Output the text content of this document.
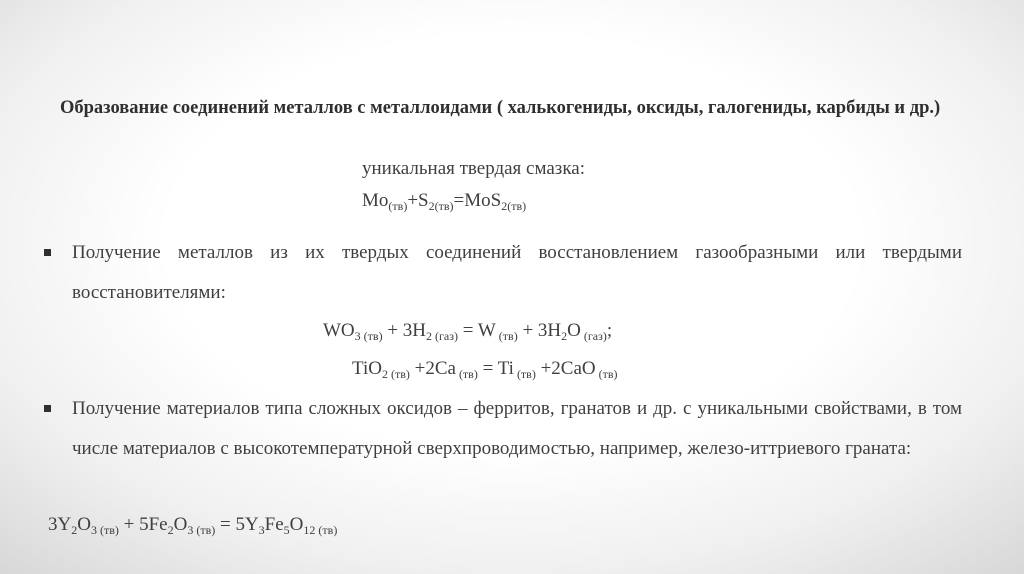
Образование соединений металлов с металлоидами ( халькогениды, оксиды, галогениды, карбиды и др.)
уникальная твердая смазка:
$Mo_{(тв)}+S_{2(тв)}=MoS_{2(тв)}$
Получение металлов из их твердых соединений восстановлением газообразными или твердыми восстановителями:
$WO_{3 (тв)} + 3H_{2 (газ)} = W$ $_{(тв)} + 3H_2O$ $_{(газ)}$;
TiO$_{2 (тв)}$ +2Ca $_{(тв)}$ = Ti $_{(тв)}$ +2CaO $_{(тв)}$
Получение материалов типа сложных оксидов – ферритов, гранатов и др. с уникальными свойствами, в том числе материалов с высокотемпературной сверхпроводимостью, например, железо-иттриевого граната:
$3Y_2O_{3 (тв)} + 5Fe_2O_{3 (тв)} = 5Y_3Fe_5O_{12 (тв)}$
